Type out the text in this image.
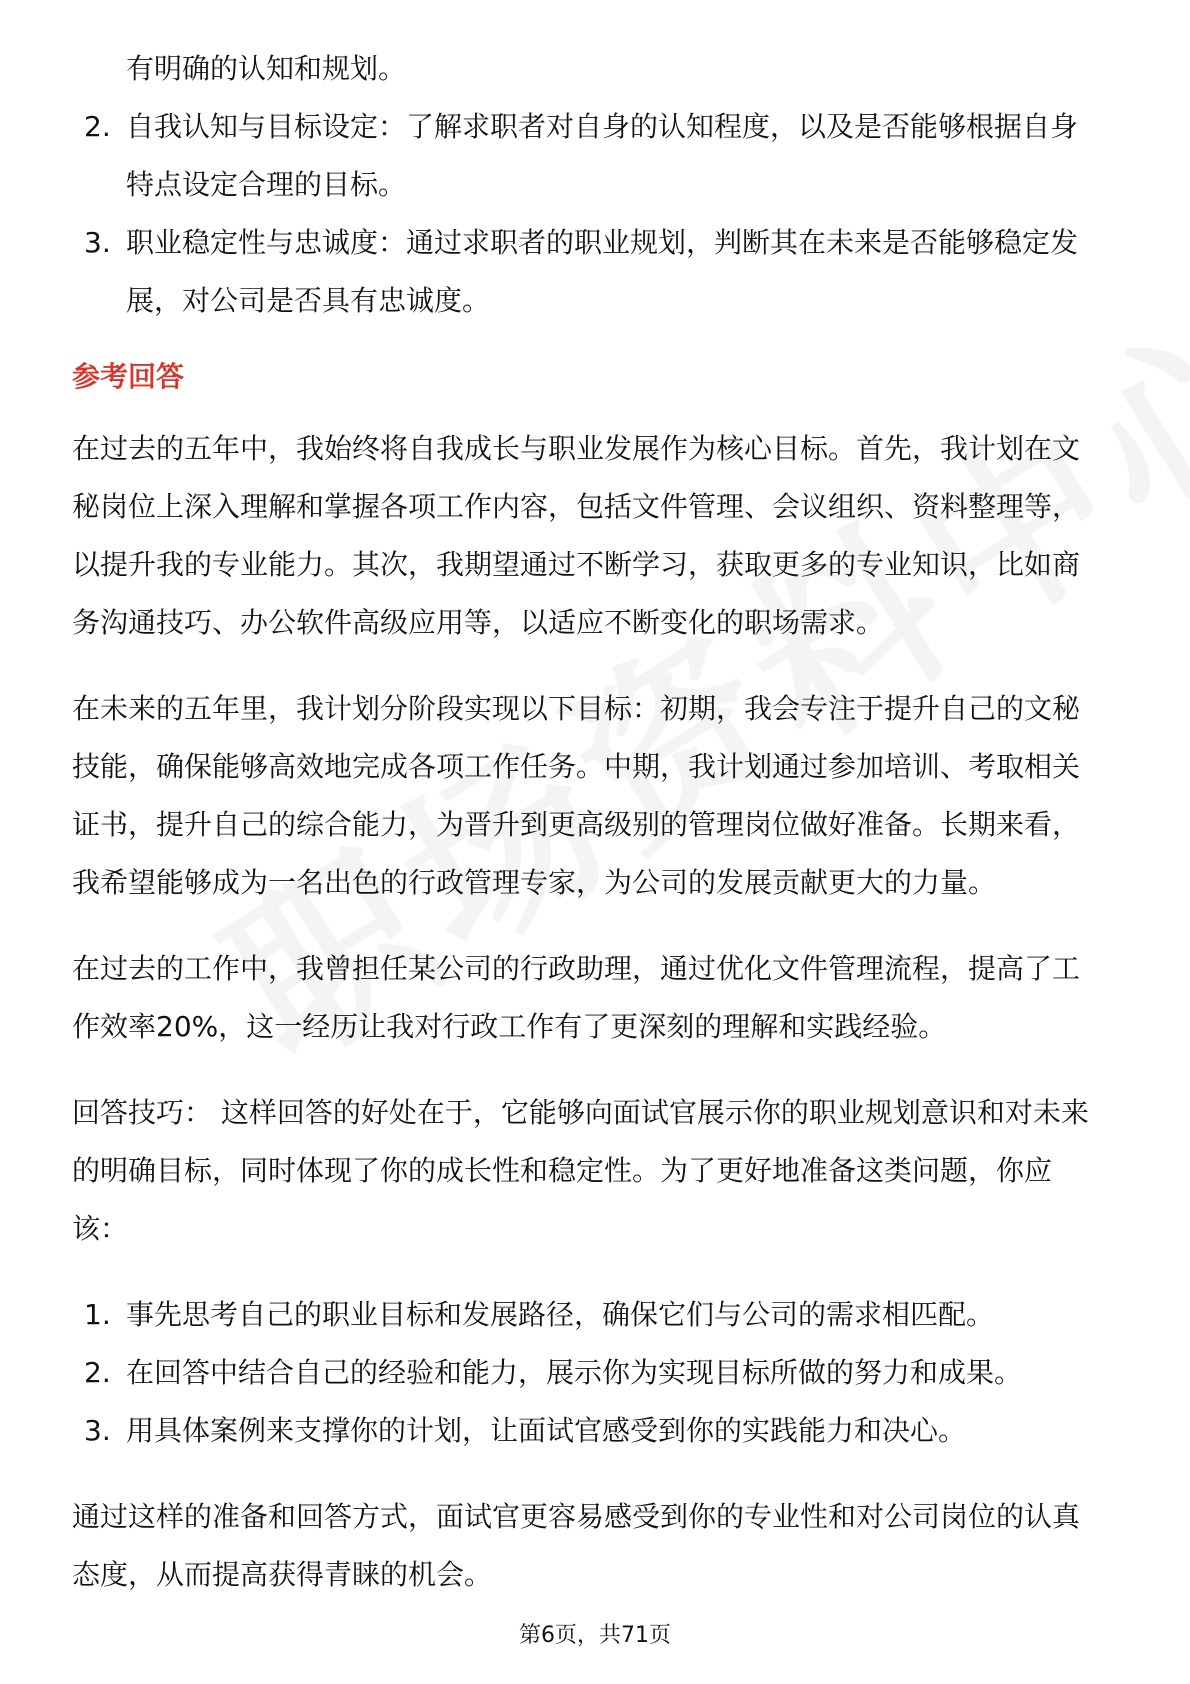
有明确的认知和规划。
2. 自我认知与目标设定：了解求职者对自身的认知程度，以及是否能够根据自身
特点设定合理的目标。
3. 职业稳定性与忠诚度：通过求职者的职业规划，判断其在未来是否能够稳定发
展，对公司是否具有忠诚度。
参考回答
在过去的五年中，我始终将自我成长与职业发展作为核心目标。首先，我计划在文
秘岗位上深入理解和掌握各项工作内容，包括文件管理、会议组织、资料整理等，
以提升我的专业能力。其次，我期望通过不断学习，获取更多的专业知识，比如商
务沟通技巧、办公软件高级应用等，以适应不断变化的职场需求。
在未来的五年里，我计划分阶段实现以下目标：初期，我会专注于提升自己的文秘
技能，确保能够高效地完成各项工作任务。中期，我计划通过参加培训、考取相关
证书，提升自己的综合能力，为晋升到更高级别的管理岗位做好准备。长期来看，
我希望能够成为一名出色的行政管理专家，为公司的发展贡献更大的力量。
在过去的工作中，我曾担任某公司的行政助理，通过优化文件管理流程，提高了工
作效率20%，这一经历让我对行政工作有了更深刻的理解和实践经验。
回答技巧： 这样回答的好处在于，它能够向面试官展示你的职业规划意识和对未来
的明确目标，同时体现了你的成长性和稳定性。为了更好地准备这类问题，你应
该：
1. 事先思考自己的职业目标和发展路径，确保它们与公司的需求相匹配。
2. 在回答中结合自己的经验和能力，展示你为实现目标所做的努力和成果。
3. 用具体案例来支撑你的计划，让面试官感受到你的实践能力和决心。
通过这样的准备和回答方式，面试官更容易感受到你的专业性和对公司岗位的认真
态度，从而提高获得青睐的机会。
第6页，共71页
